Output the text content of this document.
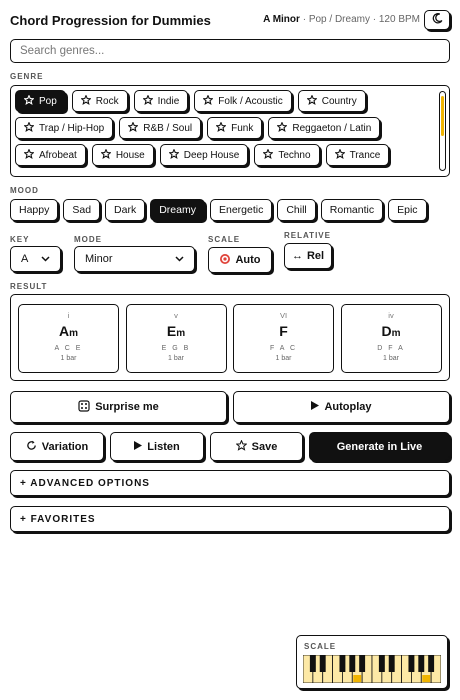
Chord Progression for Dummies	A Minor · Pop / Dreamy · 120 BPM
Search genres...
GENRE
Pop	Rock	Indie	Folk / Acoustic	Country
Trap / Hip-Hop	R&B / Soul	Funk	Reggaeton / Latin
Afrobeat	House	Deep House	Techno	Trance
MOOD
Happy	Sad	Dark	Dreamy	Energetic	Chill	Romantic	Epic
KEY
A
MODE
Minor
SCALE
Auto
RELATIVE
↔ Rel
RESULT
i
Am
A C E
1 bar
v
Em
E G B
1 bar
VI
F
F A C
1 bar
iv
Dm
D F A
1 bar
Surprise me	Autoplay
Variation	Listen	Save	Generate in Live
+ ADVANCED OPTIONS
+ FAVORITES
SCALE
